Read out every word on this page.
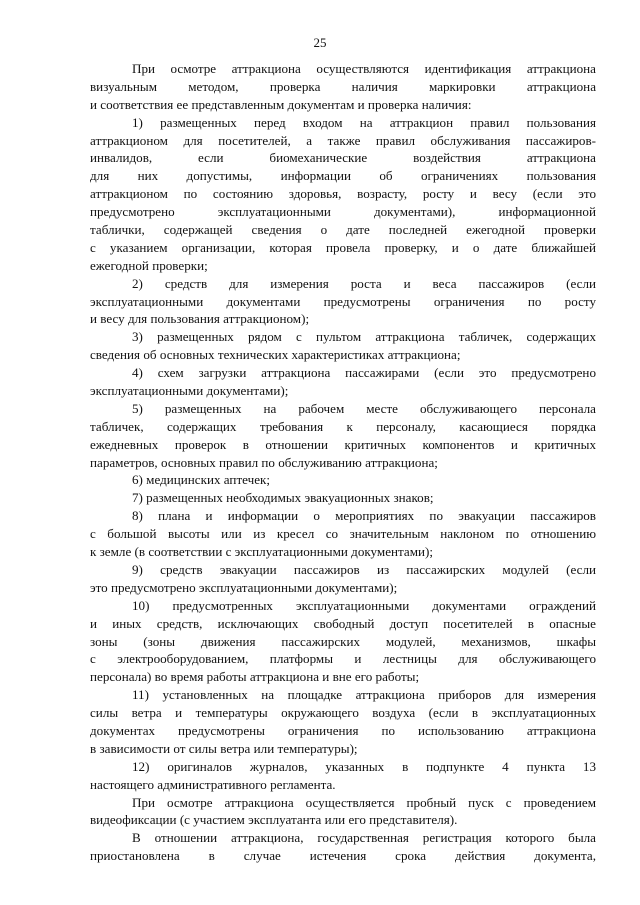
25

При осмотре аттракциона осуществляются идентификация аттракциона
визуальным методом, проверка наличия маркировки аттракциона
и соответствия ее представленным документам и проверка наличия:

1) размещенных перед входом на аттракцион правил пользования
аттракционом для посетителей, а также правил обслуживания пассажиров-
инвалидов, если биомеханические воздействия аттракциона
для них допустимы, информации об ограничениях пользования
аттракционом по состоянию здоровья, возрасту, росту и весу (если это
предусмотрено эксплуатационными документами), информационной
таблички, содержащей сведения о дате последней ежегодной проверки
с указанием организации, которая провела проверку, и о дате ближайшей
ежегодной проверки;

2) средств для измерения роста и веса пассажиров (если
эксплуатационными документами предусмотрены ограничения по росту
и весу для пользования аттракционом);

3) размещенных рядом с пультом аттракциона табличек, содержащих
сведения об основных технических характеристиках аттракциона;

4) схем загрузки аттракциона пассажирами (если это предусмотрено
эксплуатационными документами);

5) размещенных на рабочем месте обслуживающего персонала
табличек, содержащих требования к персоналу, касающиеся порядка
ежедневных проверок в отношении критичных компонентов и критичных
параметров, основных правил по обслуживанию аттракциона;

6) медицинских аптечек;

7) размещенных необходимых эвакуационных знаков;

8) плана и информации о мероприятиях по эвакуации пассажиров
с большой высоты или из кресел со значительным наклоном по отношению
к земле (в соответствии с эксплуатационными документами);

9) средств эвакуации пассажиров из пассажирских модулей (если
это предусмотрено эксплуатационными документами);

10) предусмотренных эксплуатационными документами ограждений
и иных средств, исключающих свободный доступ посетителей в опасные
зоны (зоны движения пассажирских модулей, механизмов, шкафы
с электрооборудованием, платформы и лестницы для обслуживающего
персонала) во время работы аттракциона и вне его работы;

11) установленных на площадке аттракциона приборов для измерения
силы ветра и температуры окружающего воздуха (если в эксплуатационных
документах предусмотрены ограничения по использованию аттракциона
в зависимости от силы ветра или температуры);

12) оригиналов журналов, указанных в подпункте 4 пункта 13
настоящего административного регламента.

При осмотре аттракциона осуществляется пробный пуск с проведением
видеофиксации (с участием эксплуатанта или его представителя).

В отношении аттракциона, государственная регистрация которого была
приостановлена в случае истечения срока действия документа,
